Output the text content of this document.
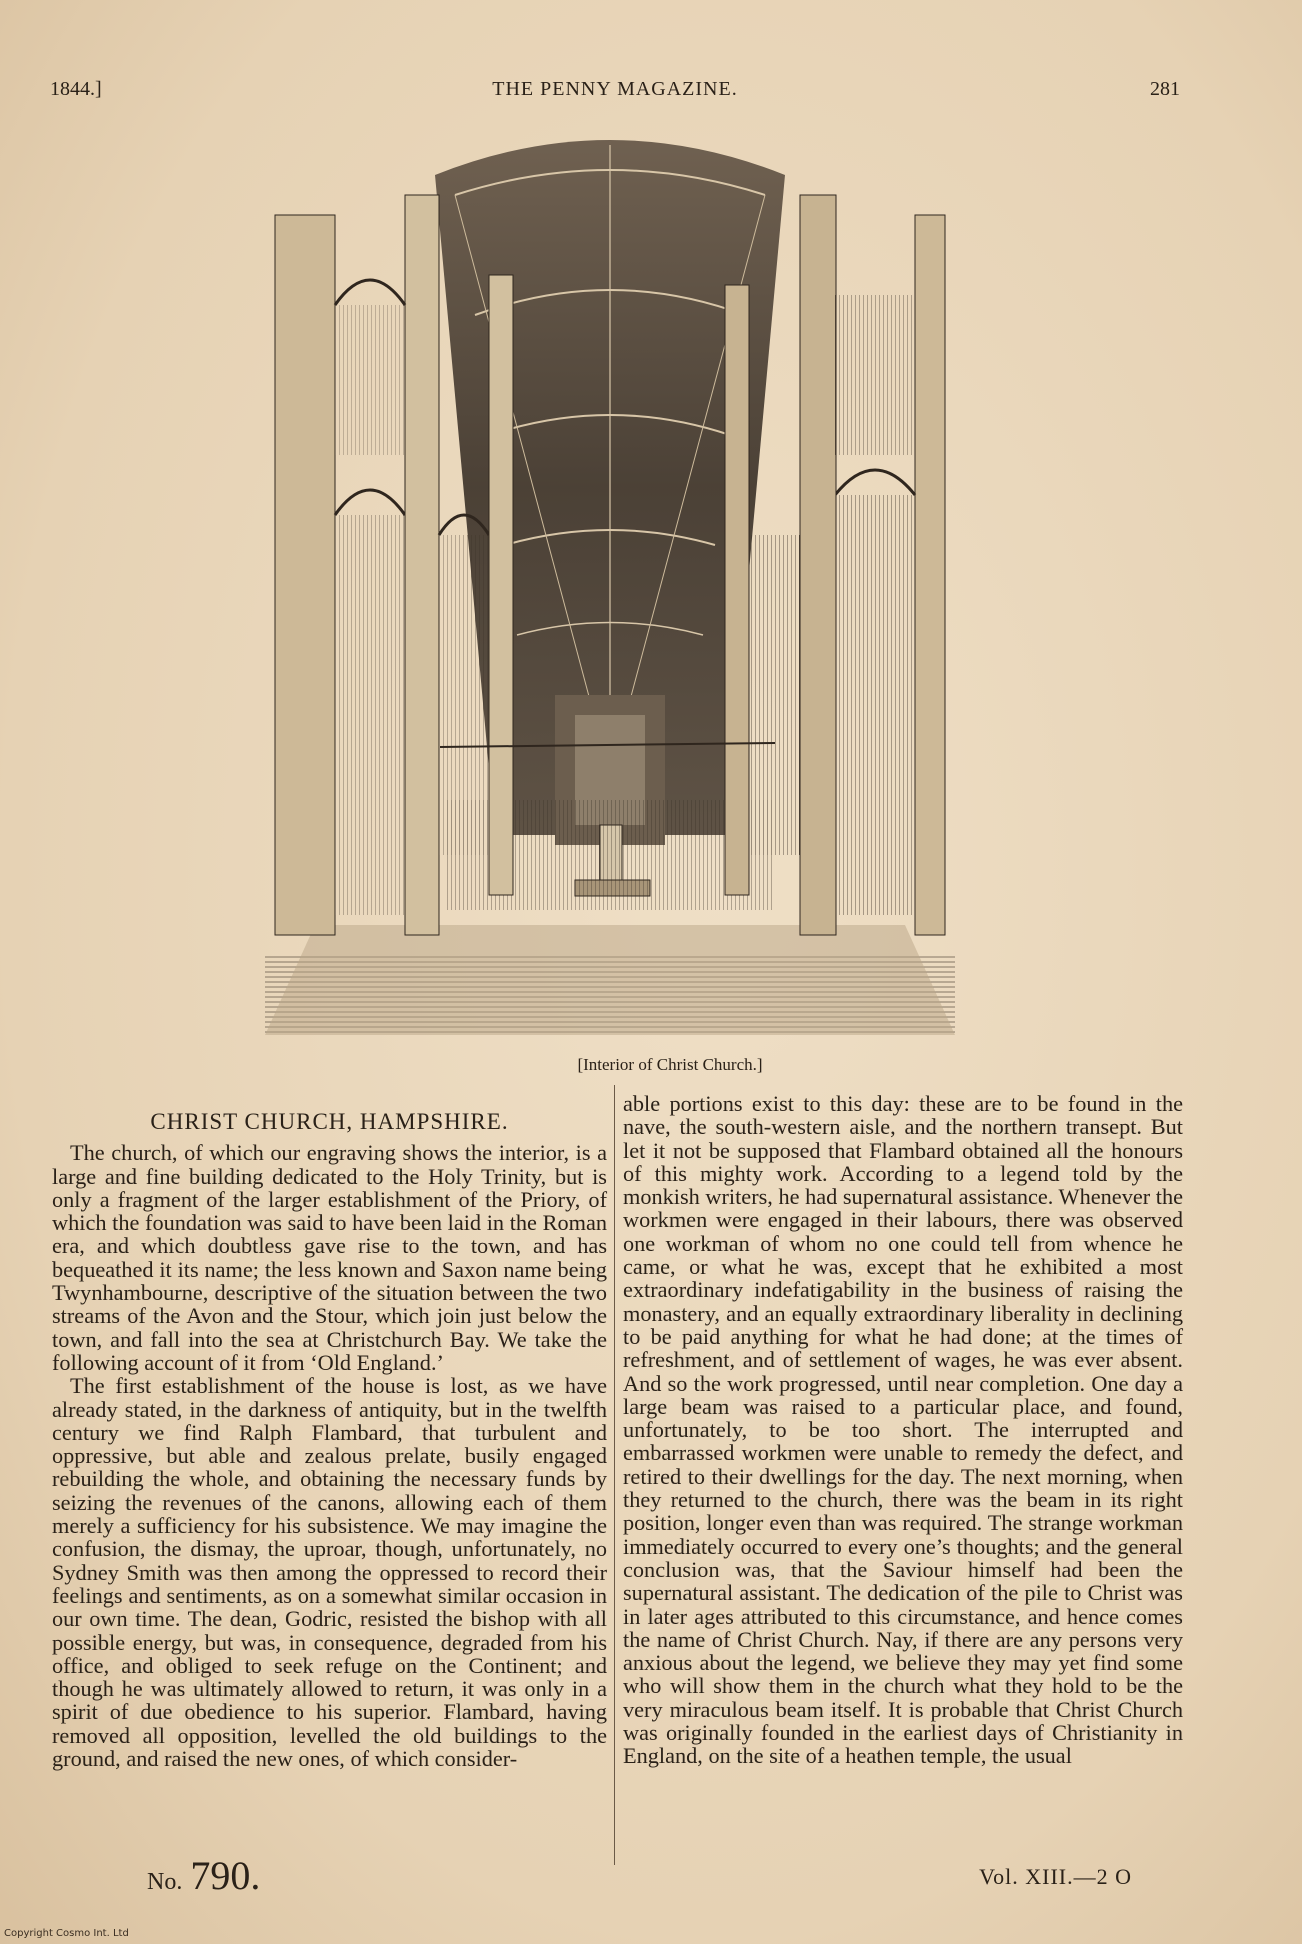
1844.]	THE PENNY MAGAZINE.	281
[Interior of Christ Church.]
CHRIST CHURCH, HAMPSHIRE.

The church, of which our engraving shows the interior, is a large and fine building dedicated to the Holy Trinity, but is only a fragment of the larger establishment of the Priory, of which the foundation was said to have been laid in the Roman era, and which doubtless gave rise to the town, and has bequeathed it its name; the less known and Saxon name being Twynhambourne, descriptive of the situation between the two streams of the Avon and the Stour, which join just below the town, and fall into the sea at Christchurch Bay. We take the following account of it from ‘Old England.’

The first establishment of the house is lost, as we have already stated, in the darkness of antiquity, but in the twelfth century we find Ralph Flambard, that turbulent and oppressive, but able and zealous prelate, busily engaged rebuilding the whole, and obtaining the necessary funds by seizing the revenues of the canons, allowing each of them merely a sufficiency for his subsistence. We may imagine the confusion, the dismay, the uproar, though, unfortunately, no Sydney Smith was then among the oppressed to record their feelings and sentiments, as on a somewhat similar occasion in our own time. The dean, Godric, resisted the bishop with all possible energy, but was, in consequence, degraded from his office, and obliged to seek refuge on the Continent; and though he was ultimately allowed to return, it was only in a spirit of due obedience to his superior. Flambard, having removed all opposition, levelled the old buildings to the ground, and raised the new ones, of which consider-

able portions exist to this day: these are to be found in the nave, the south-western aisle, and the northern transept. But let it not be supposed that Flambard obtained all the honours of this mighty work. According to a legend told by the monkish writers, he had supernatural assistance. Whenever the workmen were engaged in their labours, there was observed one workman of whom no one could tell from whence he came, or what he was, except that he exhibited a most extraordinary indefatigability in the business of raising the monastery, and an equally extraordinary liberality in declining to be paid anything for what he had done; at the times of refreshment, and of settlement of wages, he was ever absent. And so the work progressed, until near completion. One day a large beam was raised to a particular place, and found, unfortunately, to be too short. The interrupted and embarrassed workmen were unable to remedy the defect, and retired to their dwellings for the day. The next morning, when they returned to the church, there was the beam in its right position, longer even than was required. The strange workman immediately occurred to every one’s thoughts; and the general conclusion was, that the Saviour himself had been the supernatural assistant. The dedication of the pile to Christ was in later ages attributed to this circumstance, and hence comes the name of Christ Church. Nay, if there are any persons very anxious about the legend, we believe they may yet find some who will show them in the church what they hold to be the very miraculous beam itself. It is probable that Christ Church was originally founded in the earliest days of Christianity in England, on the site of a heathen temple, the usual

No. 790.	Vol. XIII.—2 O
Copyright Cosmo Int. Ltd
